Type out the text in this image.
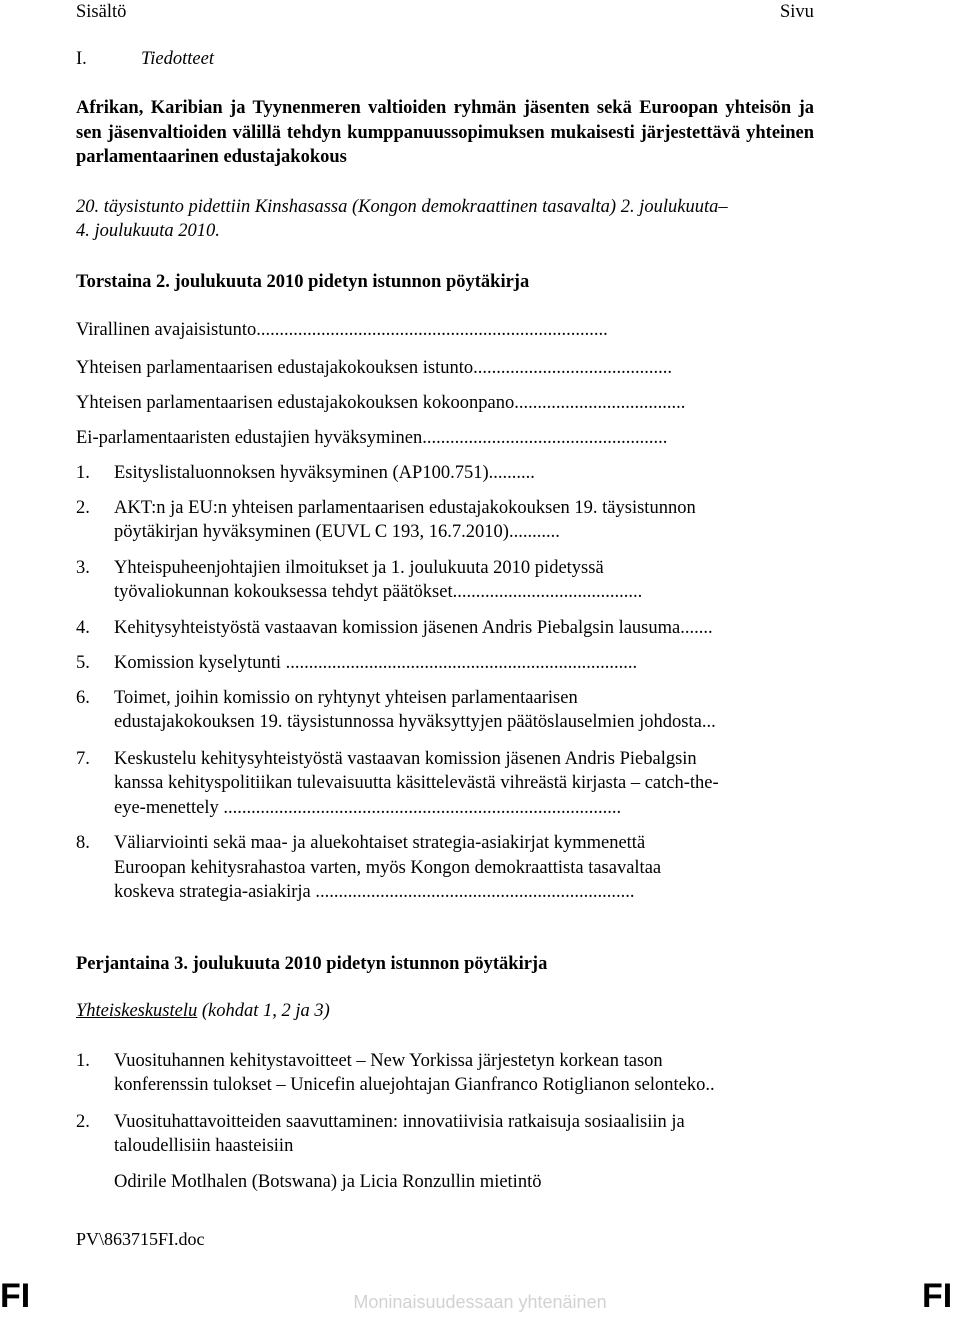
Sisältö	Sivu
I.	Tiedotteet
Afrikan, Karibian ja Tyynenmeren valtioiden ryhmän jäsenten sekä Euroopan yhteisön ja sen jäsenvaltioiden välillä tehdyn kumppanuussopimuksen mukaisesti järjestettävä yhteinen parlamentaarinen edustajakokous
20. täysistunto pidettiin Kinshasassa (Kongon demokraattinen tasavalta) 2. joulukuuta–
4. joulukuuta 2010.
Torstaina 2. joulukuuta 2010 pidetyn istunnon pöytäkirja
Virallinen avajaisistunto............................................................................
Yhteisen parlamentaarisen edustajakokouksen istunto...........................................
Yhteisen parlamentaarisen edustajakokouksen kokoonpano.....................................
Ei-parlamentaaristen edustajien hyväksyminen.....................................................
1. Esityslistaluonnoksen hyväksyminen (AP100.751)..........
2. AKT:n ja EU:n yhteisen parlamentaarisen edustajakokouksen 19. täysistunnon
pöytäkirjan hyväksyminen (EUVL C 193, 16.7.2010)...........
3. Yhteispuheenjohtajien ilmoitukset ja 1. joulukuuta 2010 pidetyssä
työvaliokunnan kokouksessa tehdyt päätökset.........................................
4. Kehitysyhteistyöstä vastaavan komission jäsenen Andris Piebalgsin lausuma.......
5. Komission kyselytunti ............................................................................
6. Toimet, joihin komissio on ryhtynyt yhteisen parlamentaarisen
edustajakokouksen 19. täysistunnossa hyväksyttyjen päätöslauselmien johdosta...
7. Keskustelu kehitysyhteistyöstä vastaavan komission jäsenen Andris Piebalgsin
kanssa kehityspolitiikan tulevaisuutta käsittelevästä vihreästä kirjasta – catch-the-
eye-menettely ......................................................................................
8. Väliarviointi sekä maa- ja aluekohtaiset strategia-asiakirjat kymmenettä
Euroopan kehitysrahastoa varten, myös Kongon demokraattista tasavaltaa
koskeva strategia-asiakirja .....................................................................
Perjantaina 3. joulukuuta 2010 pidetyn istunnon pöytäkirja
Yhteiskeskustelu (kohdat 1, 2 ja 3)
1. Vuosituhannen kehitystavoitteet – New Yorkissa järjestetyn korkean tason
konferenssin tulokset – Unicefin aluejohtajan Gianfranco Rotiglianon selonteko..
2. Vuosituhattavoitteiden saavuttaminen: innovatiivisia ratkaisuja sosiaalisiin ja
taloudellisiin haasteisiin
Odirile Motlhalen (Botswana) ja Licia Ronzullin mietintö
PV\863715FI.doc
FI	FI
Moninaisuudessaan yhtenäinen
